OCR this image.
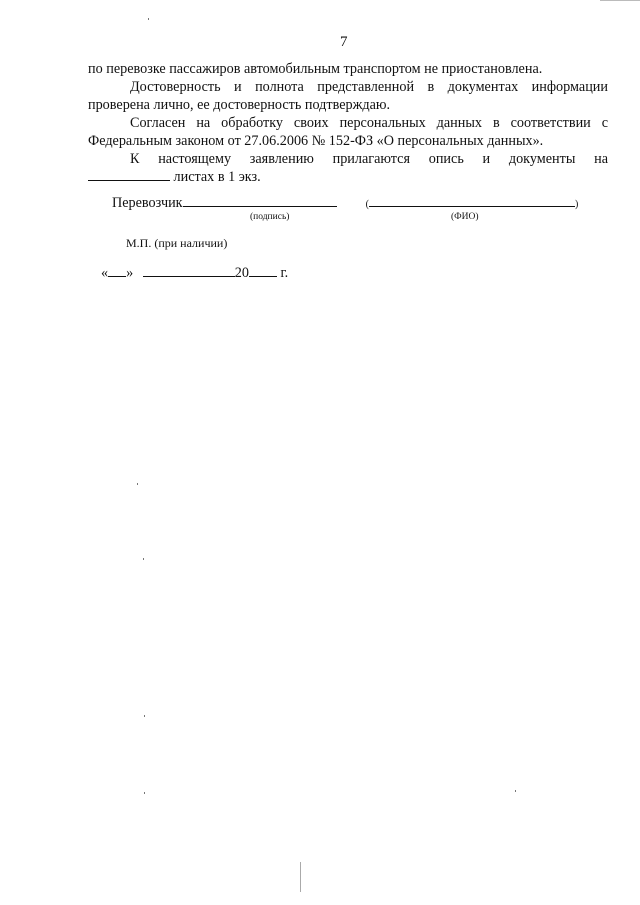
7
по перевозке пассажиров автомобильным транспортом не приостановлена.
Достоверность и полнота представленной в документах информации
проверена лично, ее достоверность подтверждаю.
Согласен на обработку своих персональных данных в соответствии с
Федеральным законом от 27.06.2006 № 152-ФЗ «О персональных данных».
К настоящему заявлению прилагаются опись и документы на
листах в 1 экз.
Перевозчик	(	)
(подпись)	(ФИО)
М.П. (при наличии)
« »	20 г.
